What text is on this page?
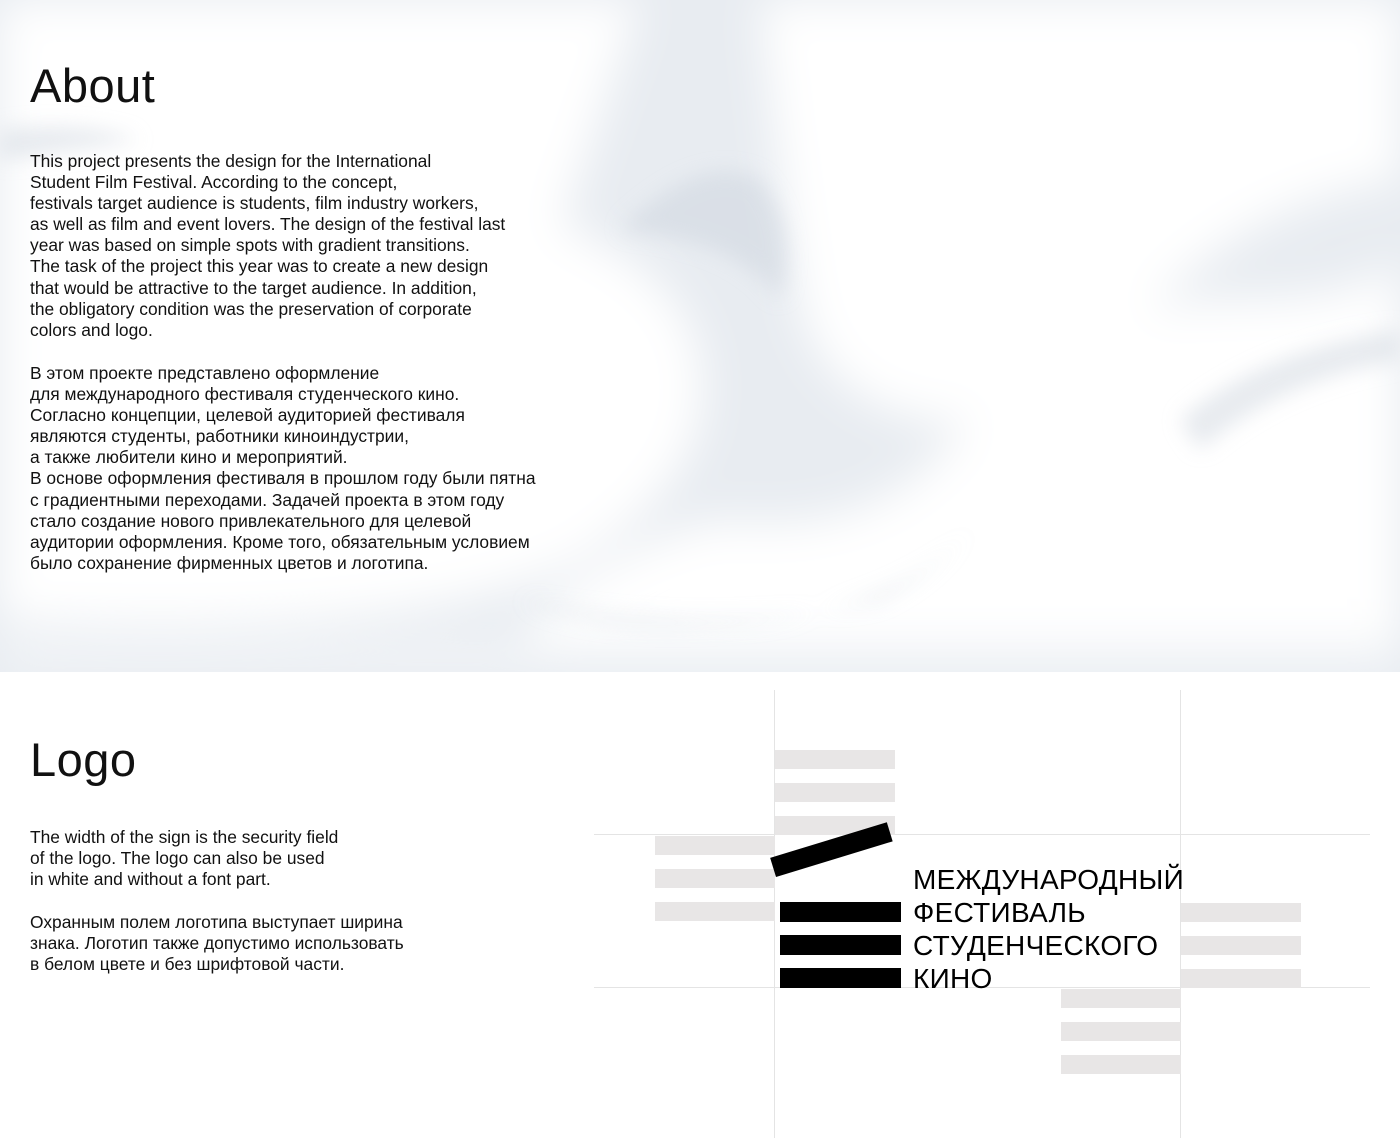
About

This project presents the design for the International
Student Film Festival. According to the concept,
festivals target audience is students, film industry workers,
as well as film and event lovers. The design of the festival last
year was based on simple spots with gradient transitions.
The task of the project this year was to create a new design
that would be attractive to the target audience. In addition,
the obligatory condition was the preservation of corporate
colors and logo.

В этом проекте представлено оформление
для международного фестиваля студенческого кино.
Согласно концепции, целевой аудиторией фестиваля
являются студенты, работники киноиндустрии,
а также любители кино и мероприятий.
В основе оформления фестиваля в прошлом году были пятна
с градиентными переходами. Задачей проекта в этом году
стало создание нового привлекательного для целевой
аудитории оформления. Кроме того, обязательным условием
было сохранение фирменных цветов и логотипа.

Logo

The width of the sign is the security field
of the logo. The logo can also be used
in white and without a font part.

Охранным полем логотипа выступает ширина
знака. Логотип также допустимо использовать
в белом цвете и без шрифтовой части.

МЕЖДУНАРОДНЫЙ
ФЕСТИВАЛЬ
СТУДЕНЧЕСКОГО
КИНО
